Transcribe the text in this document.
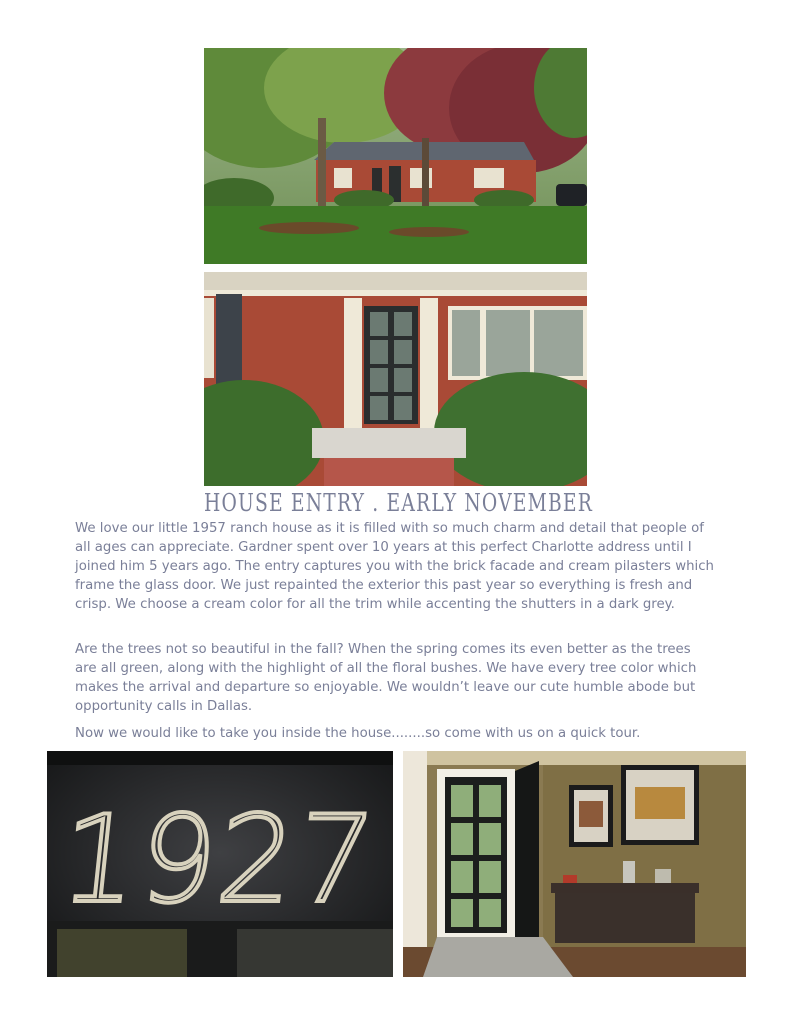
HOUSE ENTRY . EARLY NOVEMBER

We love our little 1957 ranch house as it is filled with so much charm and detail that people of all ages can appreciate. Gardner spent over 10 years at this perfect Charlotte address until I joined him 5 years ago. The entry captures you with the brick facade and cream pilasters which frame the glass door. We just repainted the exterior this past year so everything is fresh and crisp. We choose a cream color for all the trim while accenting the shutters in a dark grey.

Are the trees not so beautiful in the fall? When the spring comes its even better as the trees are all green, along with the highlight of all the floral bushes. We have every tree color which makes the arrival and departure so enjoyable. We wouldn’t leave our cute humble abode but opportunity calls in Dallas.

Now we would like to take you inside the house........so come with us on a quick tour.

1927
